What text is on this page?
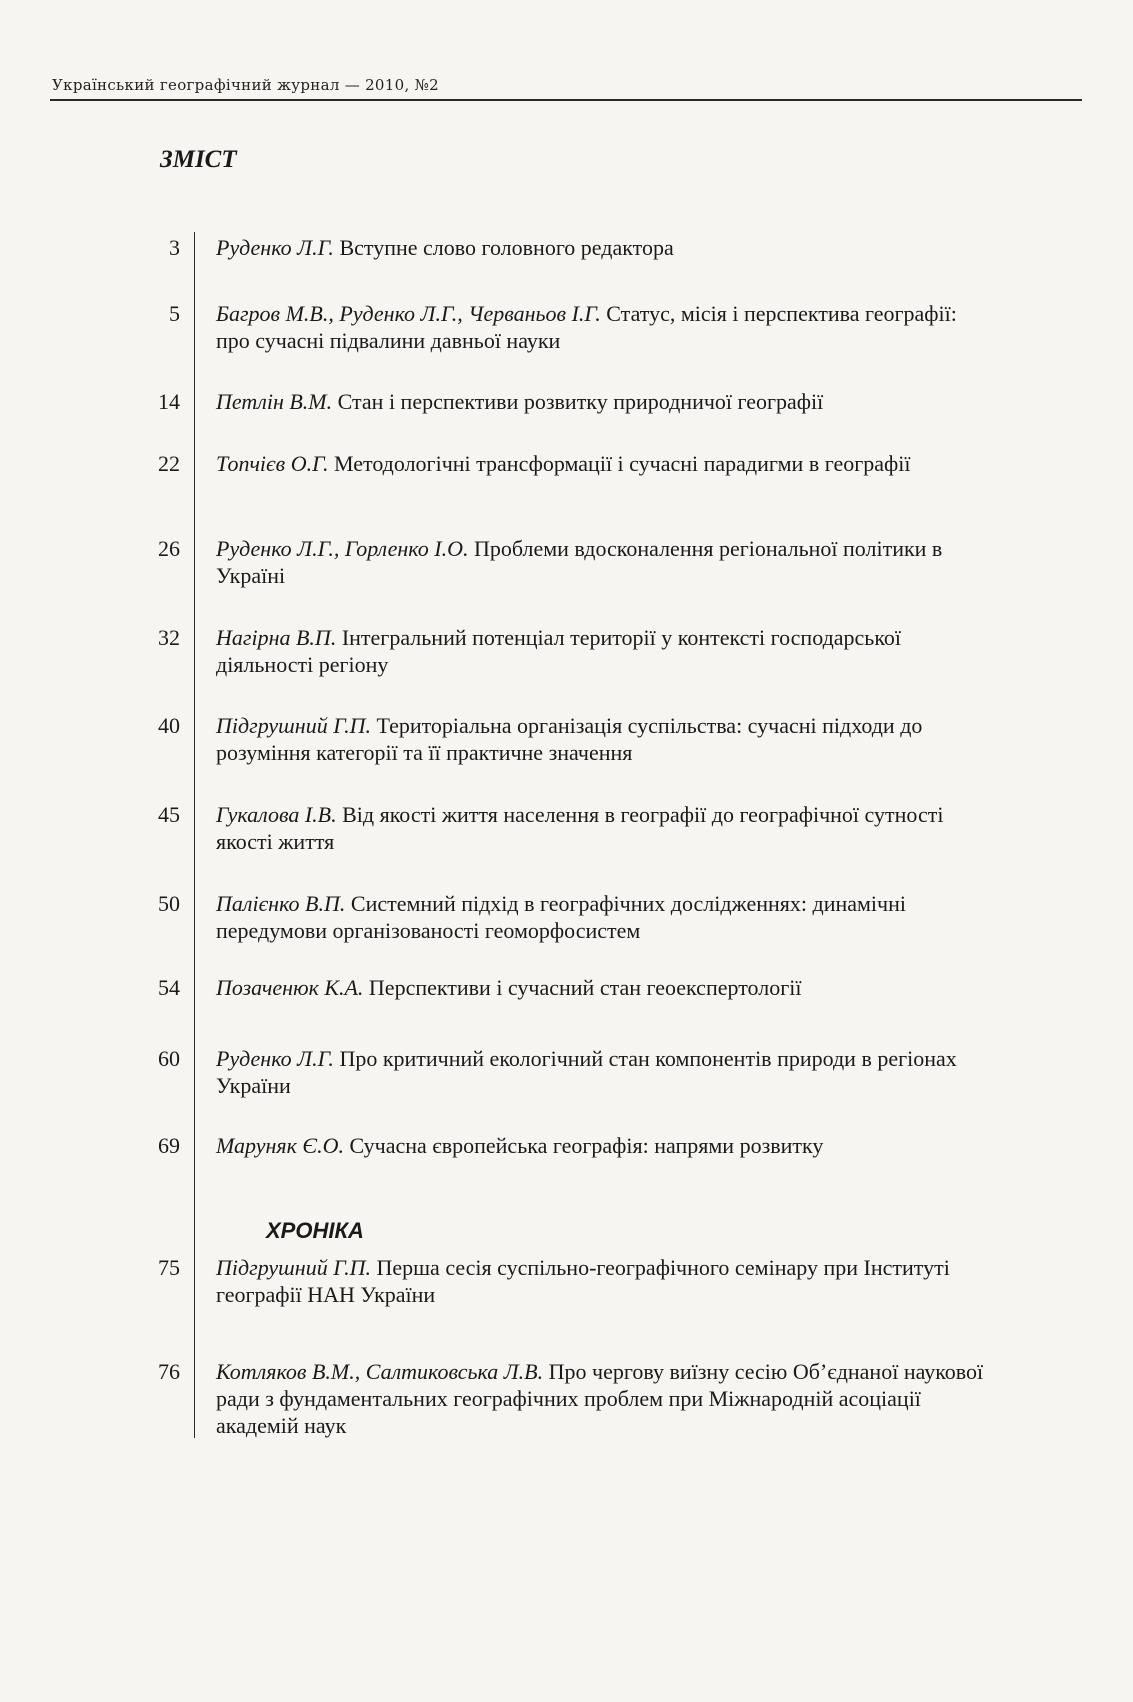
Український географічний журнал — 2010, №2
ЗМІСТ
3 Руденко Л.Г. Вступне слово головного редактора
5 Багров М.В., Руденко Л.Г., Черваньов І.Г. Статус, місія і перспектива географії: про сучасні підвалини давньої науки
14 Петлін В.М. Стан і перспективи розвитку природничої географії
22 Топчієв О.Г. Методологічні трансформації і сучасні парадигми в географії
26 Руденко Л.Г., Горленко І.О. Проблеми вдосконалення регіональної політики в Україні
32 Нагірна В.П. Інтегральний потенціал території у контексті господарської діяльності регіону
40 Підгрушний Г.П. Територіальна організація суспільства: сучасні підходи до розуміння категорії та її практичне значення
45 Гукалова І.В. Від якості життя населення в географії до географічної сутності якості життя
50 Палієнко В.П. Системний підхід в географічних дослідженнях: динамічні передумови організованості геоморфосистем
54 Позаченюк К.А. Перспективи і сучасний стан геоекспертології
60 Руденко Л.Г. Про критичний екологічний стан компонентів природи в регіонах України
69 Маруняк Є.О. Сучасна європейська географія: напрями розвитку
ХРОНІКА
75 Підгрушний Г.П. Перша сесія суспільно-географічного семінару при Інституті географії НАН України
76 Котляков В.М., Салтиковська Л.В. Про чергову виїзну сесію Об’єднаної наукової ради з фундаментальних географічних проблем при Міжнародній асоціації академій наук
